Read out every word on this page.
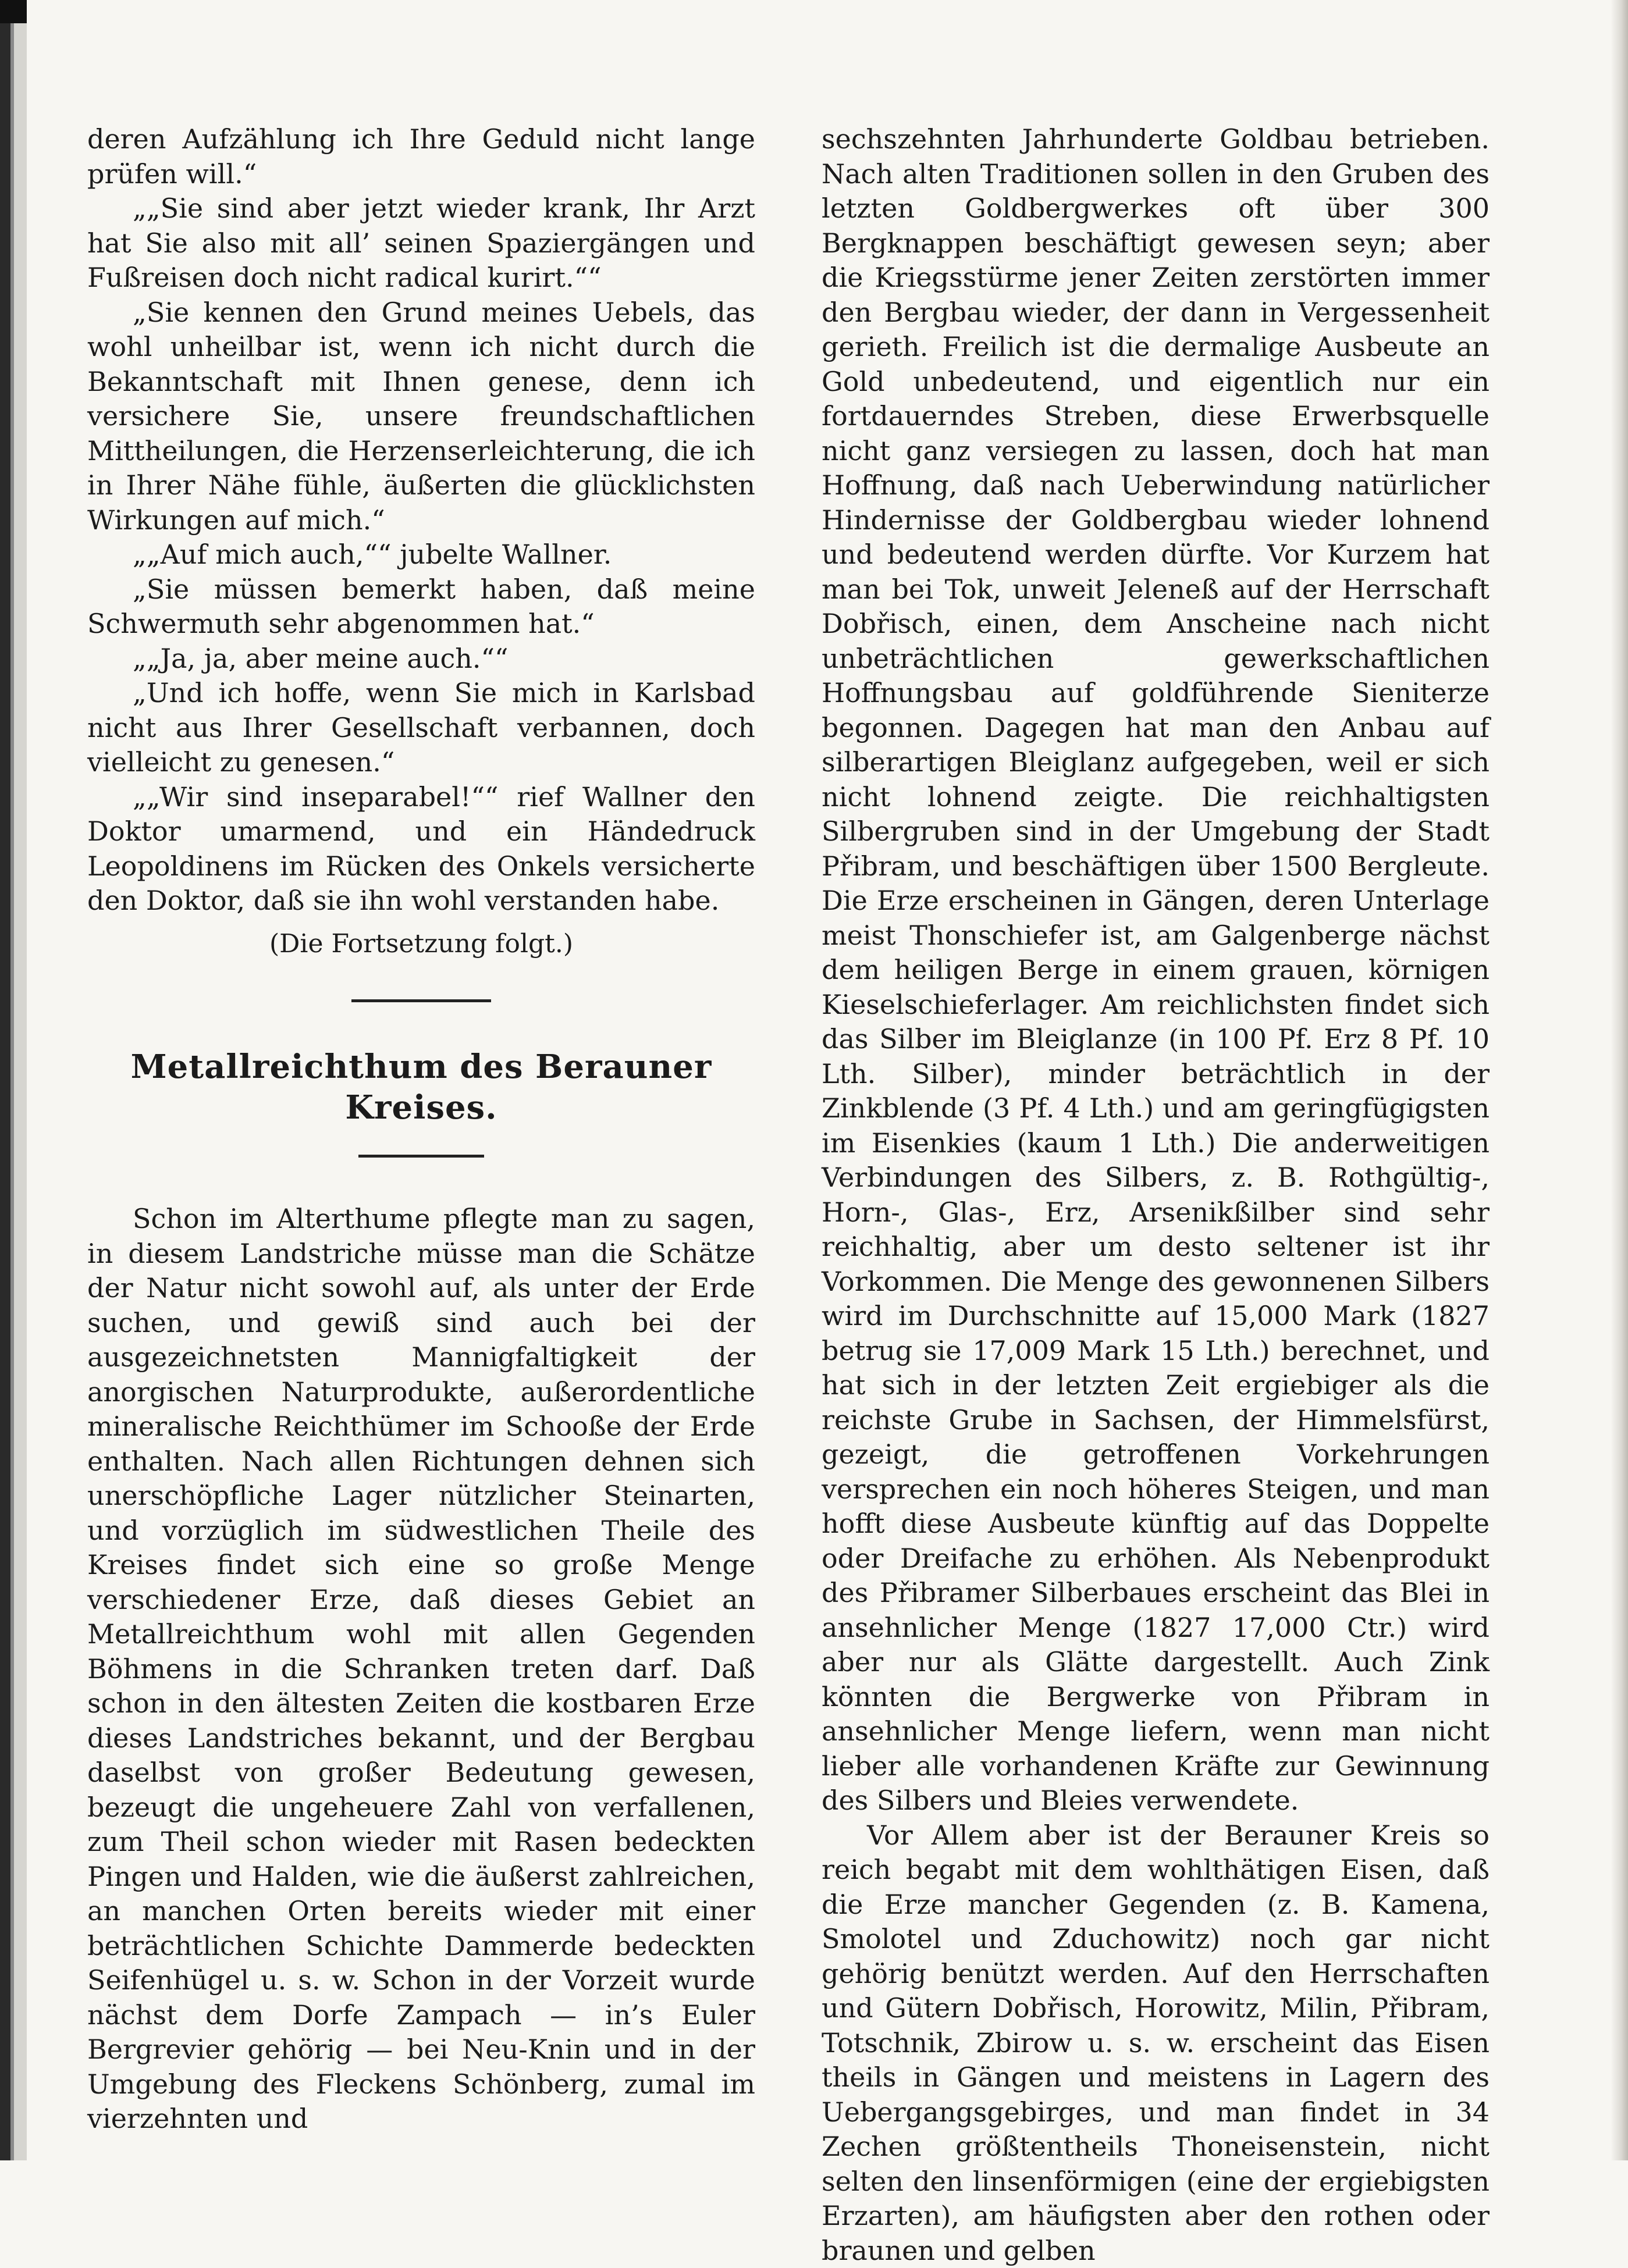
deren Aufzählung ich Ihre Geduld nicht lange prüfen will.“

„„Sie sind aber jetzt wieder krank, Ihr Arzt hat Sie also mit all’ seinen Spaziergängen und Fußreisen doch nicht radical kurirt.““

„Sie kennen den Grund meines Uebels, das wohl unheilbar ist, wenn ich nicht durch die Bekanntschaft mit Ihnen genese, denn ich versichere Sie, unsere freundschaftlichen Mittheilungen, die Herzenserleichterung, die ich in Ihrer Nähe fühle, äußerten die glücklichsten Wirkungen auf mich.“

„„Auf mich auch,““ jubelte Wallner.

„Sie müssen bemerkt haben, daß meine Schwermuth sehr abgenommen hat.“

„„Ja, ja, aber meine auch.““

„Und ich hoffe, wenn Sie mich in Karlsbad nicht aus Ihrer Gesellschaft verbannen, doch vielleicht zu genesen.“

„„Wir sind inseparabel!““ rief Wallner den Doktor umarmend, und ein Händedruck Leopoldinens im Rücken des Onkels versicherte den Doktor, daß sie ihn wohl verstanden habe.

(Die Fortsetzung folgt.)

Metallreichthum des Berauner Kreises.

Schon im Alterthume pflegte man zu sagen, in diesem Landstriche müsse man die Schätze der Natur nicht sowohl auf, als unter der Erde suchen, und gewiß sind auch bei der ausgezeichnetsten Mannigfaltigkeit der anorgischen Naturprodukte, außerordentliche mineralische Reichthümer im Schooße der Erde enthalten. Nach allen Richtungen dehnen sich unerschöpfliche Lager nützlicher Steinarten, und vorzüglich im südwestlichen Theile des Kreises findet sich eine so große Menge verschiedener Erze, daß dieses Gebiet an Metallreichthum wohl mit allen Gegenden Böhmens in die Schranken treten darf. Daß schon in den ältesten Zeiten die kostbaren Erze dieses Landstriches bekannt, und der Bergbau daselbst von großer Bedeutung gewesen, bezeugt die ungeheuere Zahl von verfallenen, zum Theil schon wieder mit Rasen bedeckten Pingen und Halden, wie die äußerst zahlreichen, an manchen Orten bereits wieder mit einer beträchtlichen Schichte Dammerde bedeckten Seifenhügel u. s. w. Schon in der Vorzeit wurde nächst dem Dorfe Zampach — in’s Euler Bergrevier gehörig — bei Neu-Knin und in der Umgebung des Fleckens Schönberg, zumal im vierzehnten und

sechszehnten Jahrhunderte Goldbau betrieben. Nach alten Traditionen sollen in den Gruben des letzten Goldbergwerkes oft über 300 Bergknappen beschäftigt gewesen seyn; aber die Kriegsstürme jener Zeiten zerstörten immer den Bergbau wieder, der dann in Vergessenheit gerieth. Freilich ist die dermalige Ausbeute an Gold unbedeutend, und eigentlich nur ein fortdauerndes Streben, diese Erwerbsquelle nicht ganz versiegen zu lassen, doch hat man Hoffnung, daß nach Ueberwindung natürlicher Hindernisse der Goldbergbau wieder lohnend und bedeutend werden dürfte. Vor Kurzem hat man bei Tok, unweit Jeleneß auf der Herrschaft Dobřisch, einen, dem Anscheine nach nicht unbeträchtlichen gewerkschaftlichen Hoffnungsbau auf goldführende Sieniterze begonnen. Dagegen hat man den Anbau auf silberartigen Bleiglanz aufgegeben, weil er sich nicht lohnend zeigte. Die reichhaltigsten Silbergruben sind in der Umgebung der Stadt Přibram, und beschäftigen über 1500 Bergleute. Die Erze erscheinen in Gängen, deren Unterlage meist Thonschiefer ist, am Galgenberge nächst dem heiligen Berge in einem grauen, körnigen Kieselschieferlager. Am reichlichsten findet sich das Silber im Bleiglanze (in 100 Pf. Erz 8 Pf. 10 Lth. Silber), minder beträchtlich in der Zinkblende (3 Pf. 4 Lth.) und am geringfügigsten im Eisenkies (kaum 1 Lth.) Die anderweitigen Verbindungen des Silbers, z. B. Rothgültig-, Horn-, Glas-, Erz, Arsenikßilber sind sehr reichhaltig, aber um desto seltener ist ihr Vorkommen. Die Menge des gewonnenen Silbers wird im Durchschnitte auf 15,000 Mark (1827 betrug sie 17,009 Mark 15 Lth.) berechnet, und hat sich in der letzten Zeit ergiebiger als die reichste Grube in Sachsen, der Himmelsfürst, gezeigt, die getroffenen Vorkehrungen versprechen ein noch höheres Steigen, und man hofft diese Ausbeute künftig auf das Doppelte oder Dreifache zu erhöhen. Als Nebenprodukt des Přibramer Silberbaues erscheint das Blei in ansehnlicher Menge (1827 17,000 Ctr.) wird aber nur als Glätte dargestellt. Auch Zink könnten die Bergwerke von Přibram in ansehnlicher Menge liefern, wenn man nicht lieber alle vorhandenen Kräfte zur Gewinnung des Silbers und Bleies verwendete.

Vor Allem aber ist der Berauner Kreis so reich begabt mit dem wohlthätigen Eisen, daß die Erze mancher Gegenden (z. B. Kamena, Smolotel und Zduchowitz) noch gar nicht gehörig benützt werden. Auf den Herrschaften und Gütern Dobřisch, Horowitz, Milin, Přibram, Totschnik, Zbirow u. s. w. erscheint das Eisen theils in Gängen und meistens in Lagern des Uebergangsgebirges, und man findet in 34 Zechen größtentheils Thoneisenstein, nicht selten den linsenförmigen (eine der ergiebigsten Erzarten), am häufigsten aber den rothen oder braunen und gelben
